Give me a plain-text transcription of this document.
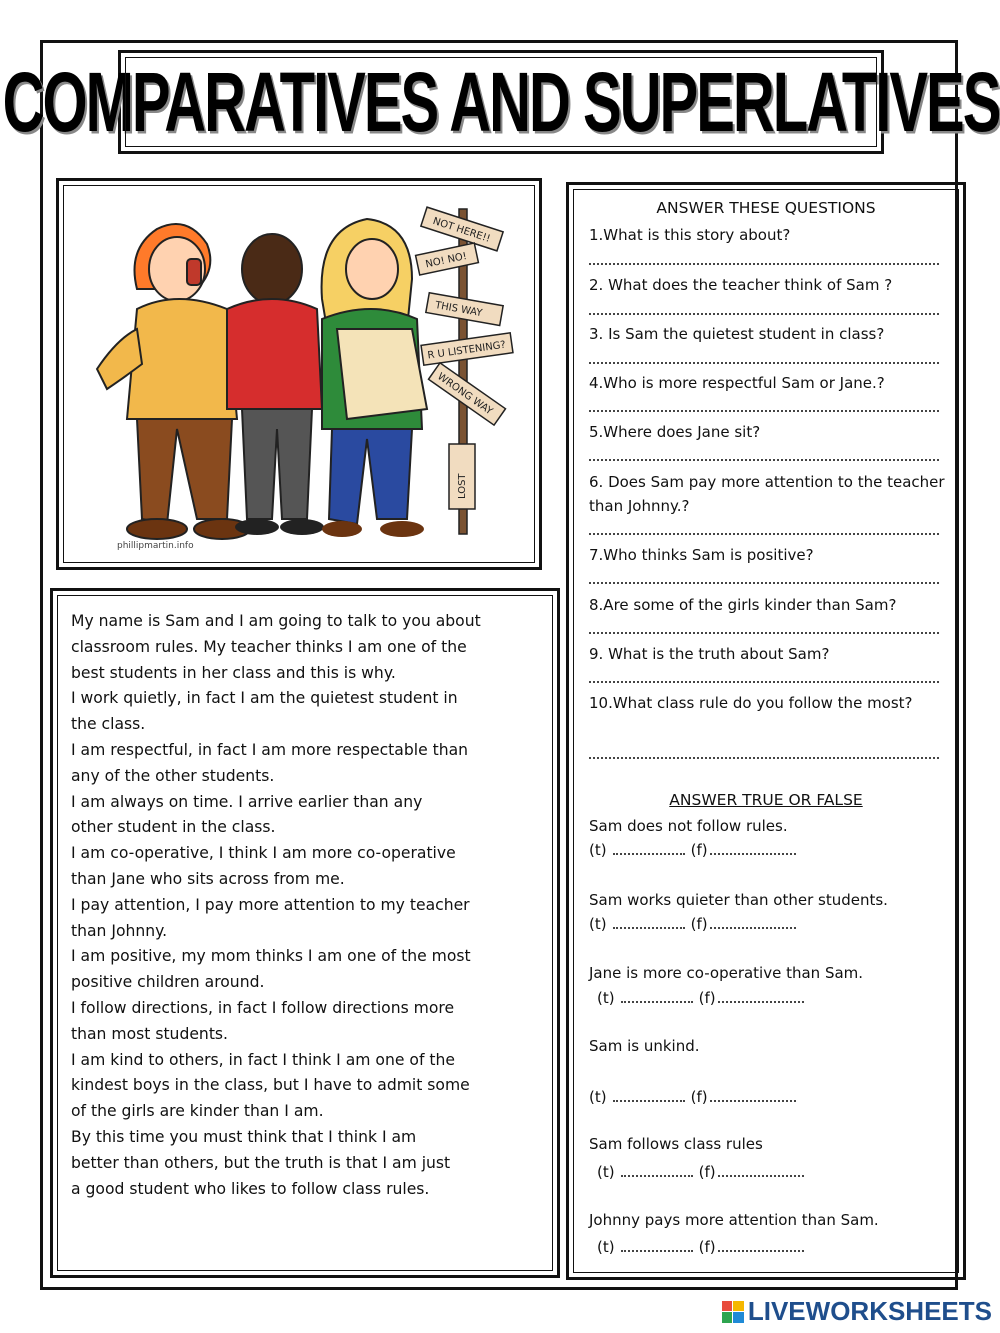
COMPARATIVES AND SUPERLATIVES
NOT HERE!!
NO! NO!
THIS WAY
R U LISTENING?
WRONG WAY
LOST
phillipmartin.info
My name is Sam and I am going to talk to you about
classroom rules. My teacher thinks I am one of the
best students in her class and this is why.
I work quietly, in fact I am the quietest student in
the class.
I am respectful, in fact I am more respectable than
any of the other students.
I am always on time. I arrive earlier than any
other student in the class.
I am co-operative, I think I am more co-operative
than Jane who sits across from me.
I pay attention, I pay more attention to my teacher
than Johnny.
I am positive, my mom thinks I am one of the most
positive children around.
I follow directions, in fact I follow directions more
than most students.
I am kind to others, in fact I think I am one of the
kindest boys in the class, but I have to admit some
of the girls are kinder than I am.
By this time you must think that I think I am
better than others, but the truth is that I am just
a good student who likes to follow class rules.
ANSWER THESE QUESTIONS
1.What is this story about?
2. What does the teacher think of Sam ?
3. Is Sam the quietest student in class?
4.Who is more respectful Sam or Jane.?
5.Where does Jane sit?
6. Does Sam pay more attention to the teacher than Johnny.?
7.Who thinks Sam is positive?
8.Are some of the girls kinder than Sam?
9. What is the truth about Sam?
10.What class rule do you follow the most?
ANSWER TRUE OR FALSE
Sam does not follow rules.
(t)	(f)
Sam works quieter than other students.
(t)	(f)
Jane is more co-operative than Sam.
(t)	(f)
Sam is unkind.
(t)	(f)
Sam follows class rules
(t)	(f)
Johnny pays more attention than Sam.
(t)	(f)
LIVEWORKSHEETS
